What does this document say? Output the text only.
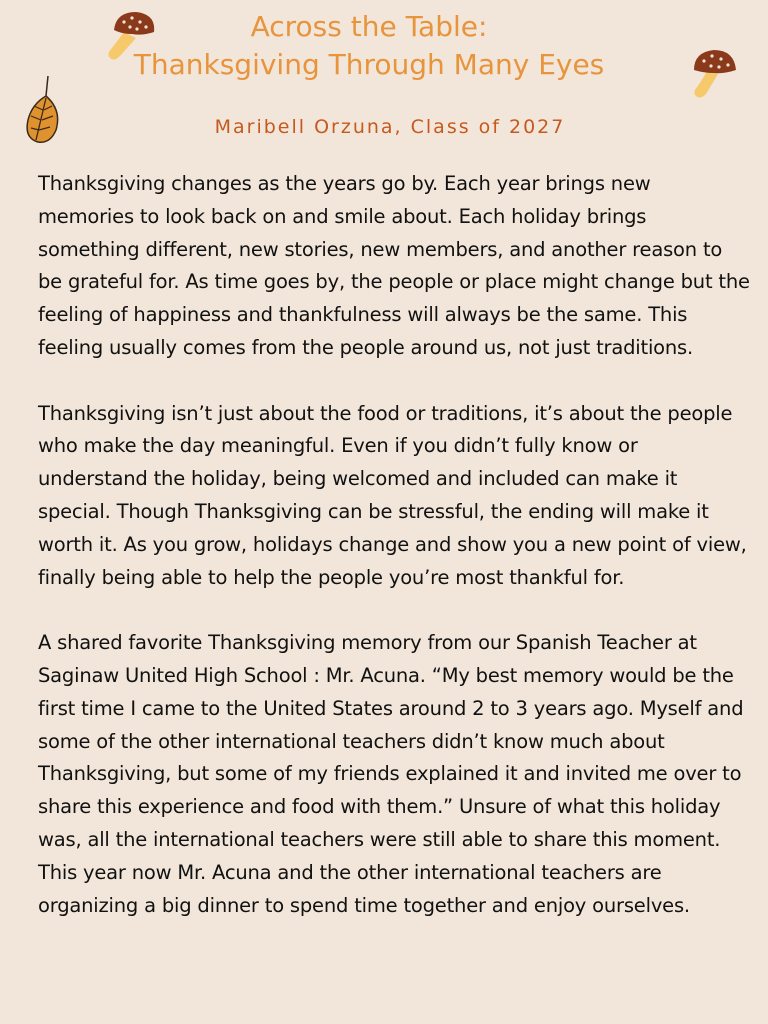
Across the Table:
Thanksgiving Through Many Eyes
Maribell Orzuna, Class of 2027

Thanksgiving changes as the years go by. Each year brings new memories to look back on and smile about. Each holiday brings something different, new stories, new members, and another reason to be grateful for. As time goes by, the people or place might change but the feeling of happiness and thankfulness will always be the same. This feeling usually comes from the people around us, not just traditions.

Thanksgiving isn’t just about the food or traditions, it’s about the people who make the day meaningful. Even if you didn’t fully know or understand the holiday, being welcomed and included can make it special. Though Thanksgiving can be stressful, the ending will make it worth it. As you grow, holidays change and show you a new point of view, finally being able to help the people you’re most thankful for.

A shared favorite Thanksgiving memory from our Spanish Teacher at Saginaw United High School : Mr. Acuna. “My best memory would be the first time I came to the United States around 2 to 3 years ago. Myself and some of the other international teachers didn’t know much about Thanksgiving, but some of my friends explained it and invited me over to share this experience and food with them.” Unsure of what this holiday was, all the international teachers were still able to share this moment. This year now Mr. Acuna and the other international teachers are organizing a big dinner to spend time together and enjoy ourselves.
